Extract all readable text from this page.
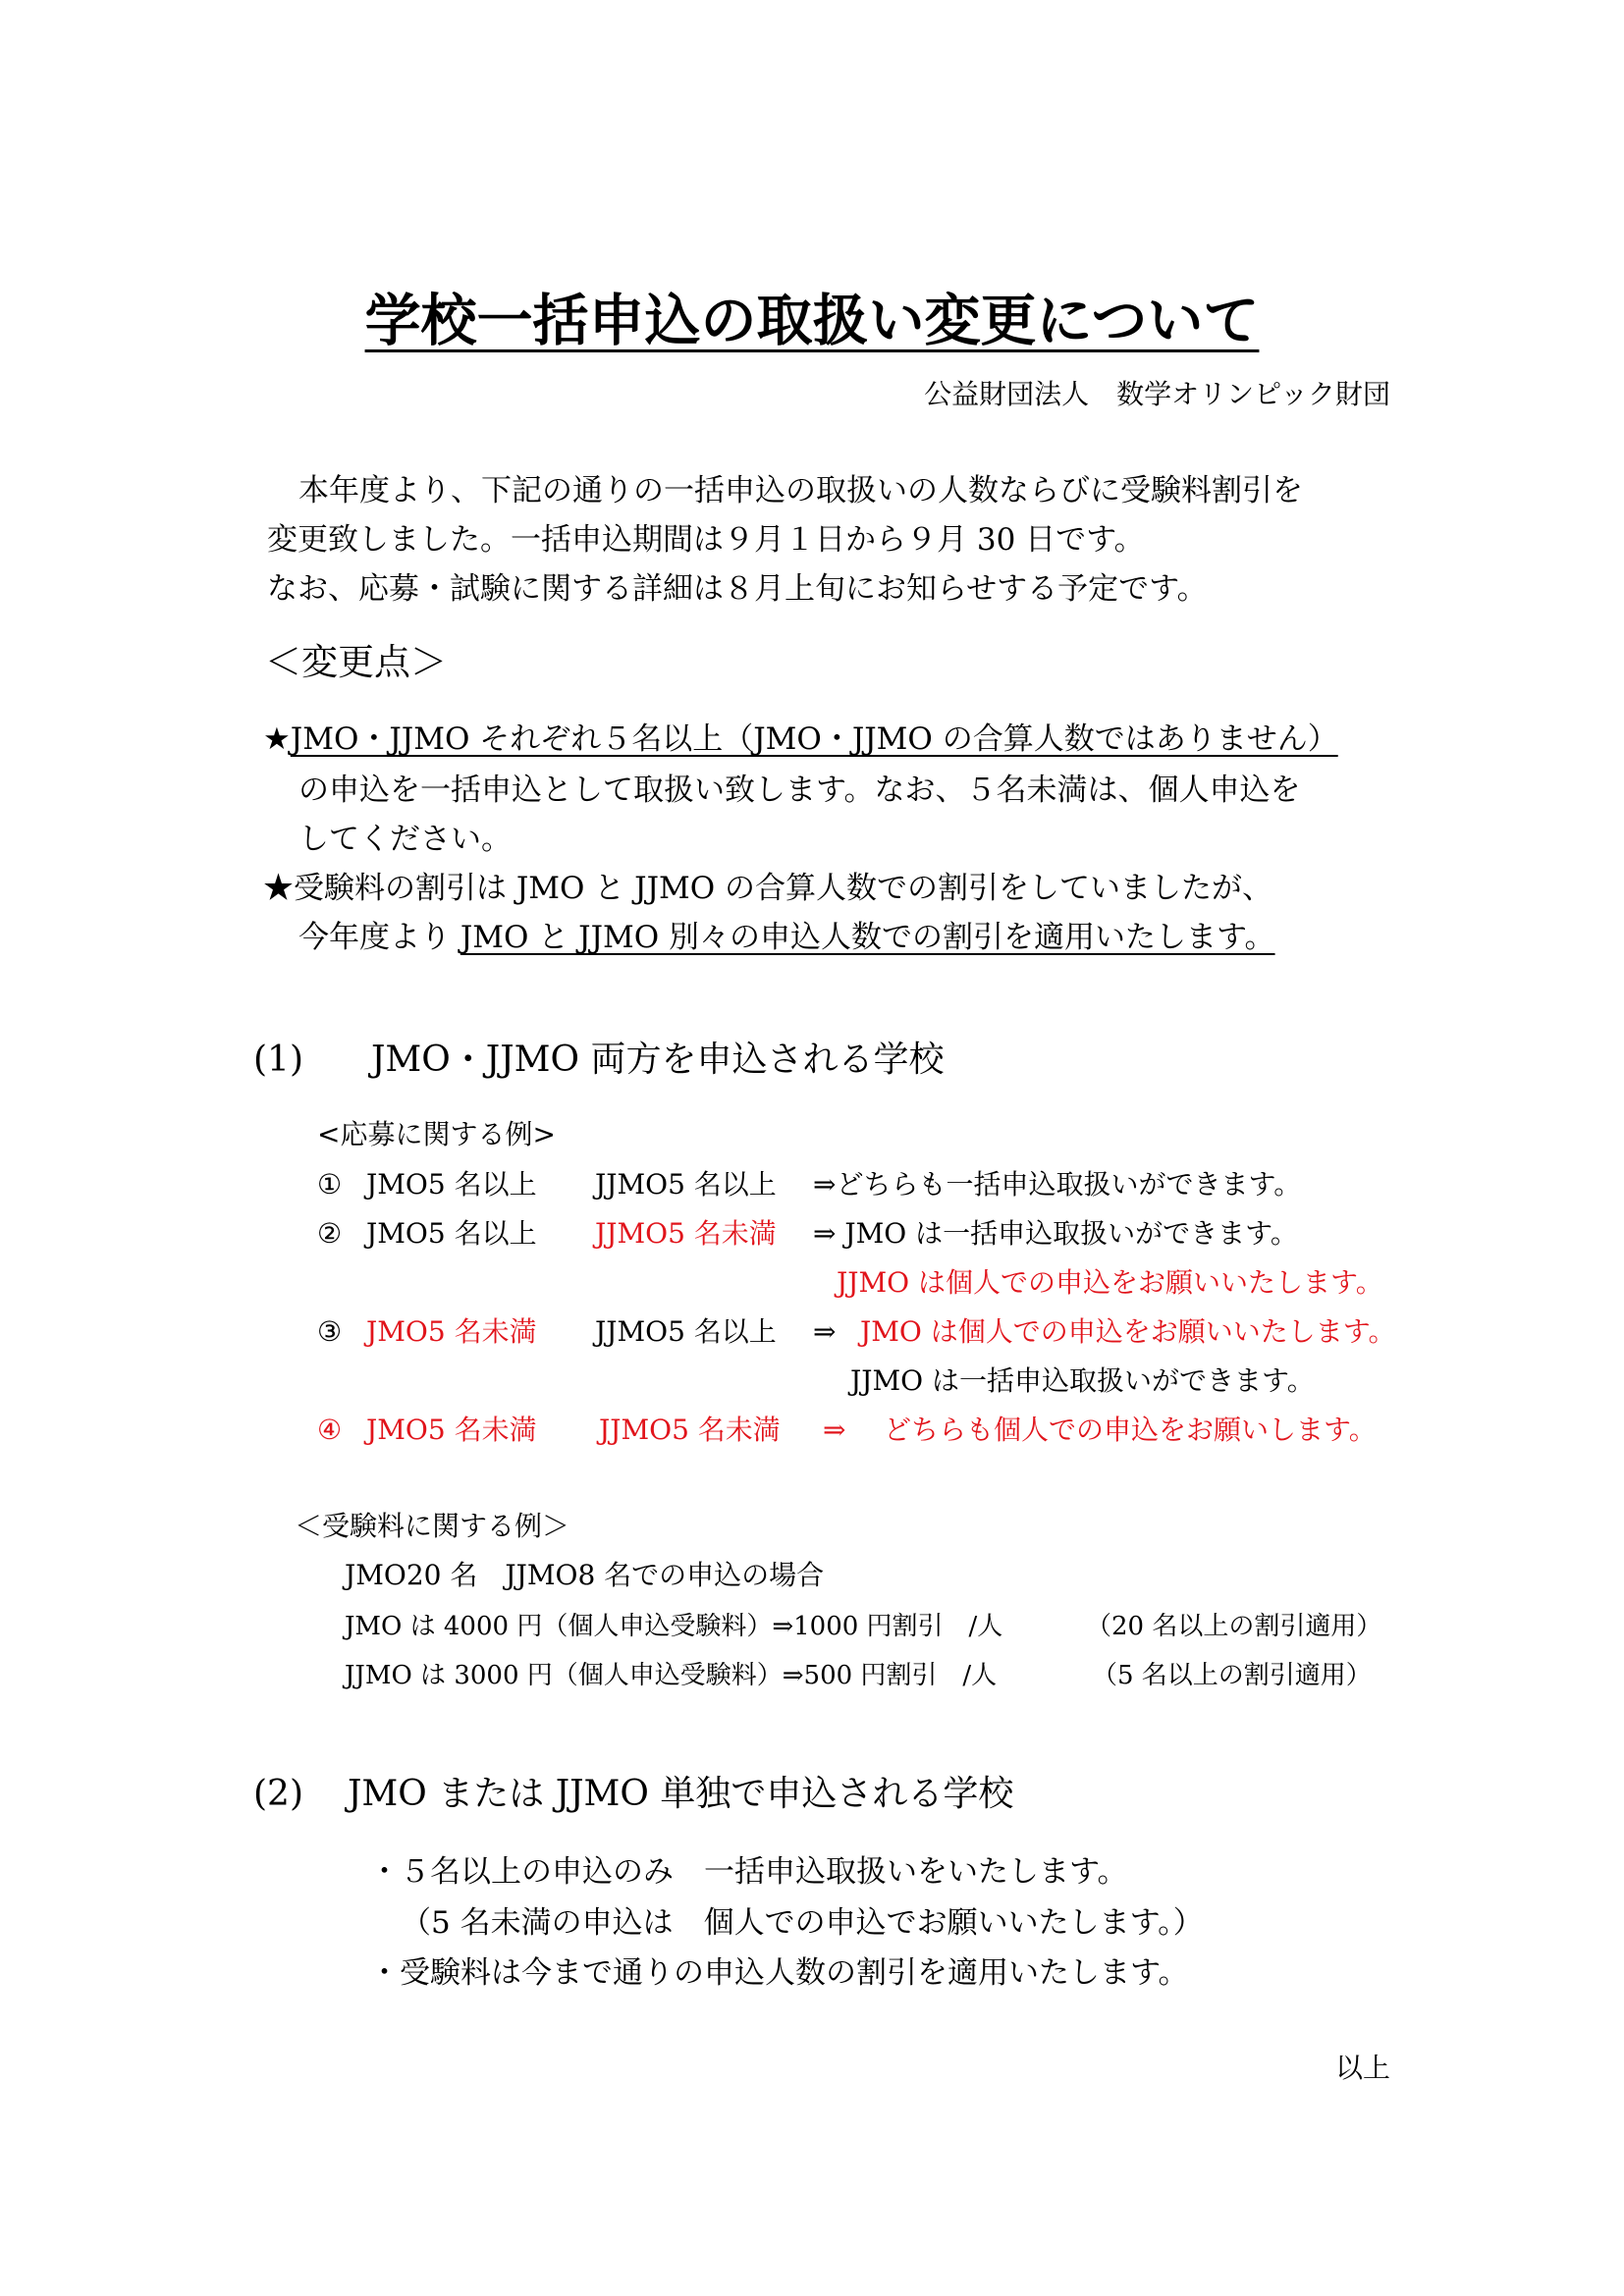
学校一括申込の取扱い変更について
公益財団法人　数学オリンピック財団
本年度より、下記の通りの一括申込の取扱いの人数ならびに受験料割引を
変更致しました。一括申込期間は９月１日から９月 30 日です。
なお、応募・試験に関する詳細は８月上旬にお知らせする予定です。
＜変更点＞
★JMO・JJMO それぞれ５名以上（JMO・JJMO の合算人数ではありません）
の申込を一括申込として取扱い致します。なお、５名未満は、個人申込を
してください。
★受験料の割引は JMO と JJMO の合算人数での割引をしていましたが、
今年度より JMO と JJMO 別々の申込人数での割引を適用いたします。
(1) JMO・JJMO 両方を申込される学校
<応募に関する例>
① JMO5 名以上 JJMO5 名以上 ⇒どちらも一括申込取扱いができます。
② JMO5 名以上 JJMO5 名未満 ⇒ JMO は一括申込取扱いができます。
JJMO は個人での申込をお願いいたします。
③ JMO5 名未満 JJMO5 名以上 ⇒ JMO は個人での申込をお願いいたします。
JJMO は一括申込取扱いができます。
④ JMO5 名未満 JJMO5 名未満 ⇒ どちらも個人での申込をお願いします。
＜受験料に関する例＞
JMO20 名　JJMO8 名での申込の場合
JMO は 4000 円（個人申込受験料）⇒1000 円割引　/人	（20 名以上の割引適用）
JJMO は 3000 円（個人申込受験料）⇒500 円割引　/人	（5 名以上の割引適用）
(2) JMO または JJMO 単独で申込される学校
・５名以上の申込のみ　一括申込取扱いをいたします。
（5 名未満の申込は　個人での申込でお願いいたします。）
・受験料は今まで通りの申込人数の割引を適用いたします。
以上
